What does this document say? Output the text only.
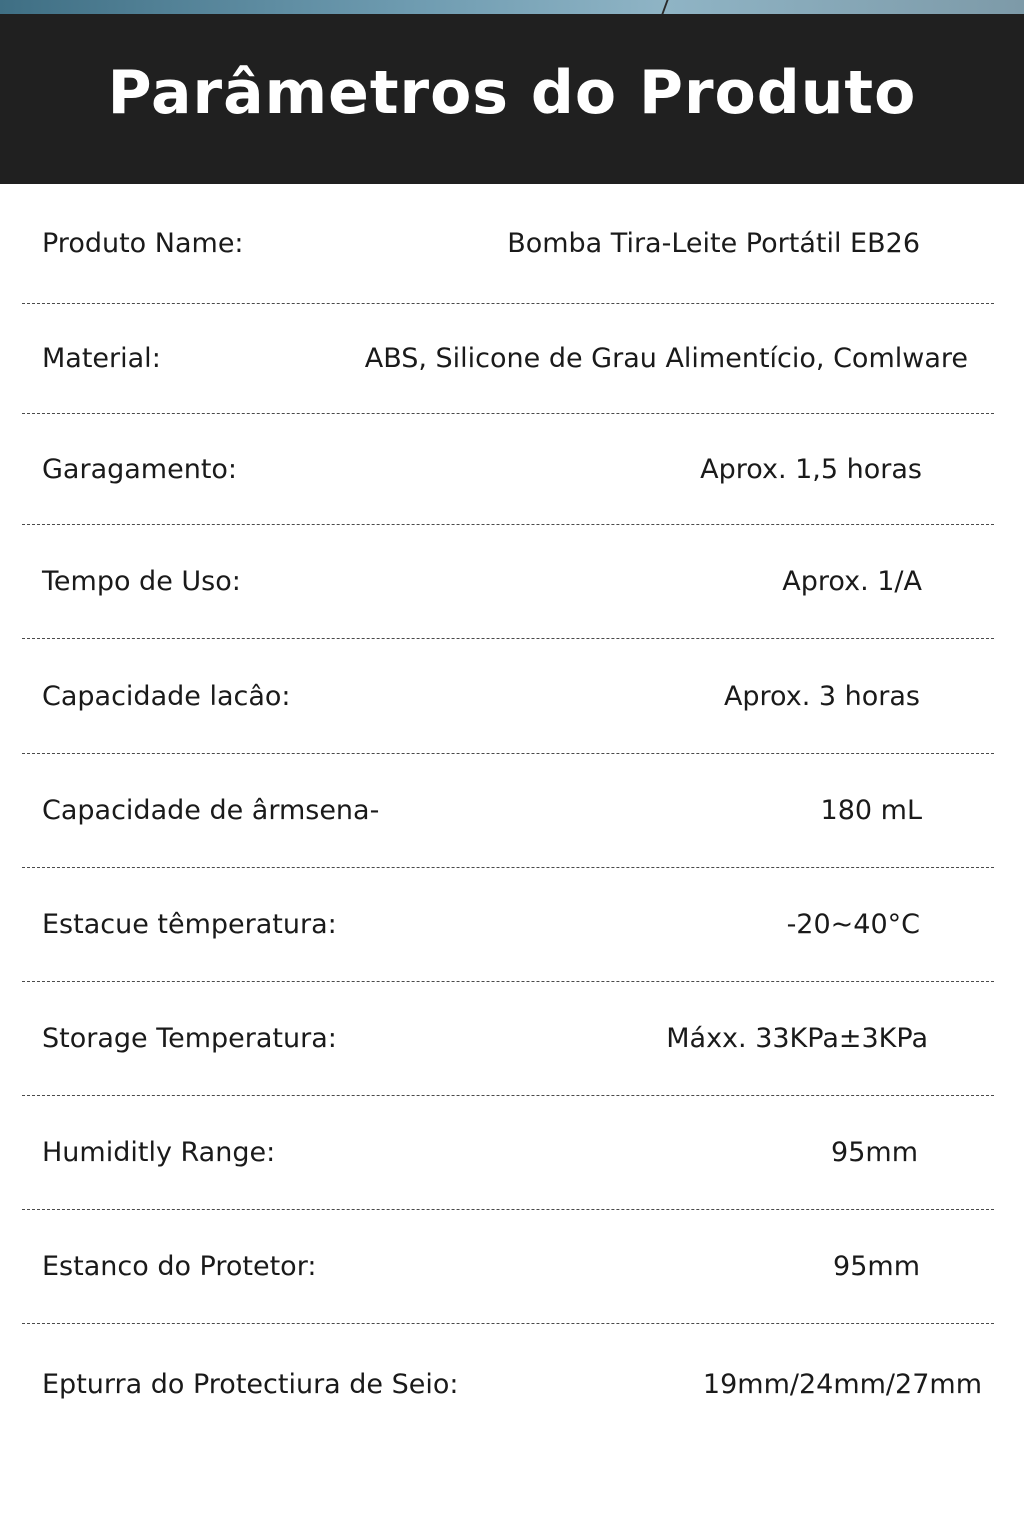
Parâmetros do Produto
Produto Name:	Bomba Tira-Leite Portátil EB26
Material:	ABS, Silicone de Grau Alimentício, Comlware
Garagamento:	Aprox. 1,5 horas
Tempo de Uso:	Aprox. 1/A
Capacidade lacâo:	Aprox. 3 horas
Capacidade de ârmsena-	180 mL
Estacue têmperatura:	-20∼40°C
Storage Temperatura:	Máxx. 33KPa±3KPa
Humiditly Range:	95mm
Estanco do Protetor:	95mm
Epturra do Protectiura de Seio:	19mm/24mm/27mm
